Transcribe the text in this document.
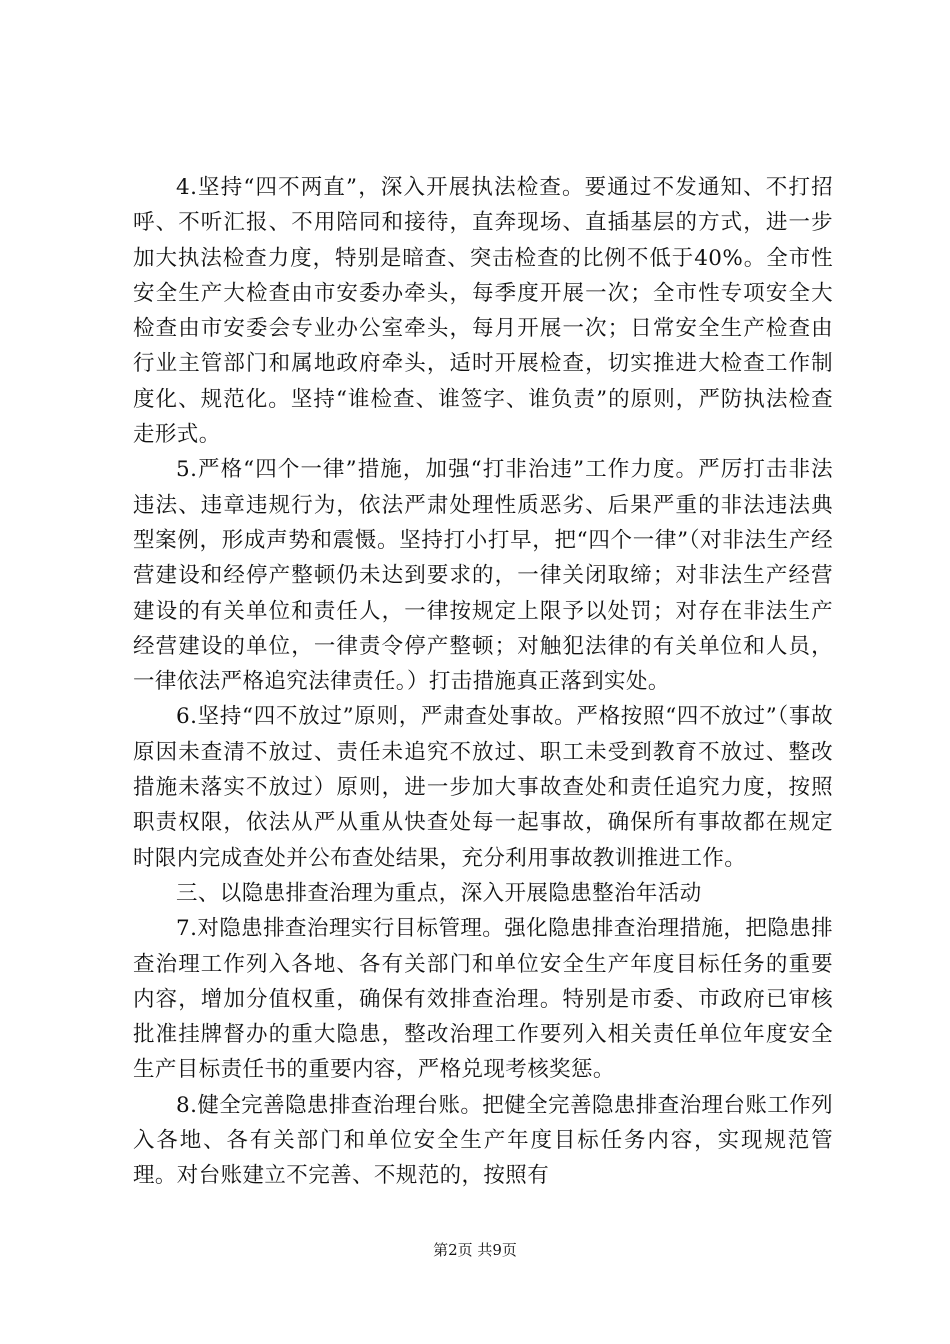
4.坚持“四不两直”，深入开展执法检查。要通过不发通知、不打招呼、不听汇报、不用陪同和接待，直奔现场、直插基层的方式，进一步加大执法检查力度，特别是暗查、突击检查的比例不低于40%。全市性安全生产大检查由市安委办牵头，每季度开展一次；全市性专项安全大检查由市安委会专业办公室牵头，每月开展一次；日常安全生产检查由行业主管部门和属地政府牵头，适时开展检查，切实推进大检查工作制度化、规范化。坚持“谁检查、谁签字、谁负责”的原则，严防执法检查走形式。

5.严格“四个一律”措施，加强“打非治违”工作力度。严厉打击非法违法、违章违规行为，依法严肃处理性质恶劣、后果严重的非法违法典型案例，形成声势和震慑。坚持打小打早，把“四个一律”（对非法生产经营建设和经停产整顿仍未达到要求的，一律关闭取缔；对非法生产经营建设的有关单位和责任人，一律按规定上限予以处罚；对存在非法生产经营建设的单位，一律责令停产整顿；对触犯法律的有关单位和人员，一律依法严格追究法律责任。）打击措施真正落到实处。

6.坚持“四不放过”原则，严肃查处事故。严格按照“四不放过”（事故原因未查清不放过、责任未追究不放过、职工未受到教育不放过、整改措施未落实不放过）原则，进一步加大事故查处和责任追究力度，按照职责权限，依法从严从重从快查处每一起事故，确保所有事故都在规定时限内完成查处并公布查处结果，充分利用事故教训推进工作。

三、以隐患排查治理为重点，深入开展隐患整治年活动

7.对隐患排查治理实行目标管理。强化隐患排查治理措施，把隐患排查治理工作列入各地、各有关部门和单位安全生产年度目标任务的重要内容，增加分值权重，确保有效排查治理。特别是市委、市政府已审核批准挂牌督办的重大隐患，整改治理工作要列入相关责任单位年度安全生产目标责任书的重要内容，严格兑现考核奖惩。

8.健全完善隐患排查治理台账。把健全完善隐患排查治理台账工作列入各地、各有关部门和单位安全生产年度目标任务内容，实现规范管理。对台账建立不完善、不规范的，按照有

第2页 共9页
